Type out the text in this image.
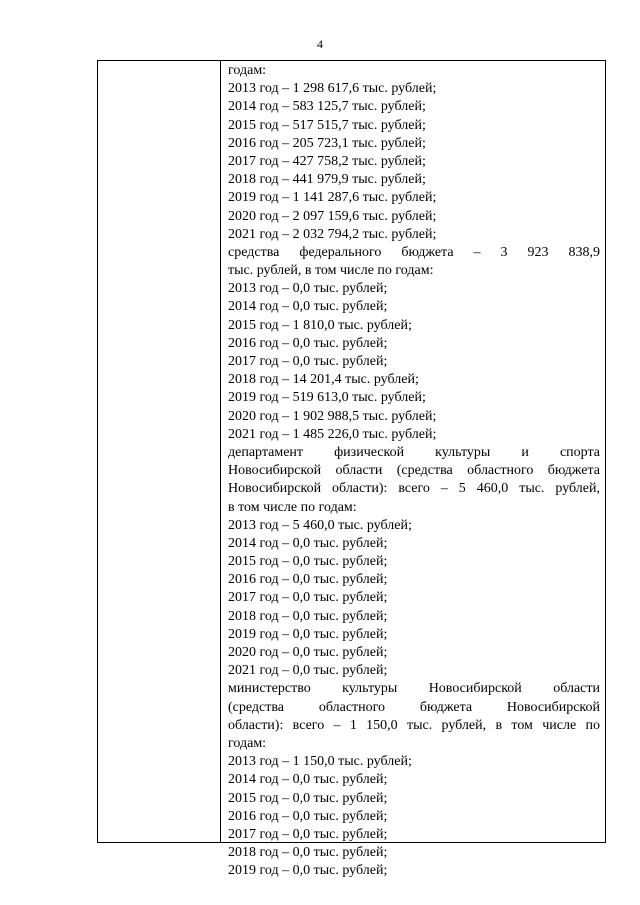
4
годам:
2013 год – 1 298 617,6 тыс. рублей;
2014 год – 583 125,7 тыс. рублей;
2015 год – 517 515,7 тыс. рублей;
2016 год – 205 723,1 тыс. рублей;
2017 год – 427 758,2 тыс. рублей;
2018 год – 441 979,9 тыс. рублей;
2019 год – 1 141 287,6 тыс. рублей;
2020 год – 2 097 159,6 тыс. рублей;
2021 год – 2 032 794,2 тыс. рублей;
средства федерального бюджета – 3 923 838,9
тыс. рублей, в том числе по годам:
2013 год – 0,0 тыс. рублей;
2014 год – 0,0 тыс. рублей;
2015 год – 1 810,0 тыс. рублей;
2016 год – 0,0 тыс. рублей;
2017 год – 0,0 тыс. рублей;
2018 год – 14 201,4 тыс. рублей;
2019 год – 519 613,0 тыс. рублей;
2020 год – 1 902 988,5 тыс. рублей;
2021 год – 1 485 226,0 тыс. рублей;
департамент физической культуры и спорта
Новосибирской области (средства областного бюджета
Новосибирской области): всего – 5 460,0 тыс. рублей,
в том числе по годам:
2013 год – 5 460,0 тыс. рублей;
2014 год – 0,0 тыс. рублей;
2015 год – 0,0 тыс. рублей;
2016 год – 0,0 тыс. рублей;
2017 год – 0,0 тыс. рублей;
2018 год – 0,0 тыс. рублей;
2019 год – 0,0 тыс. рублей;
2020 год – 0,0 тыс. рублей;
2021 год – 0,0 тыс. рублей;
министерство культуры Новосибирской области
(средства областного бюджета Новосибирской
области): всего – 1 150,0 тыс. рублей, в том числе по
годам:
2013 год – 1 150,0 тыс. рублей;
2014 год – 0,0 тыс. рублей;
2015 год – 0,0 тыс. рублей;
2016 год – 0,0 тыс. рублей;
2017 год – 0,0 тыс. рублей;
2018 год – 0,0 тыс. рублей;
2019 год – 0,0 тыс. рублей;
